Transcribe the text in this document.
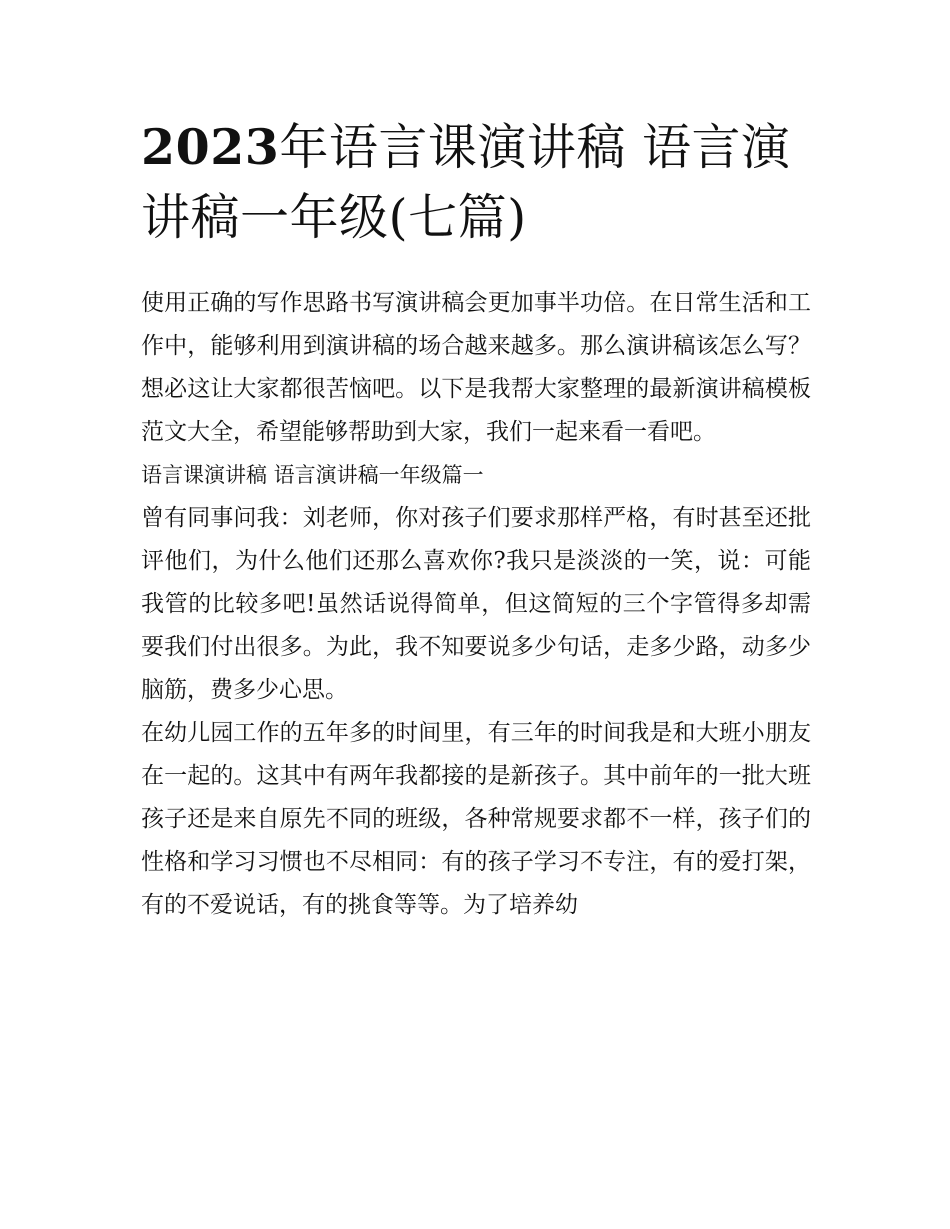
2023年语言课演讲稿 语言演讲稿一年级(七篇)

使用正确的写作思路书写演讲稿会更加事半功倍。在日常生活和工作中，能够利用到演讲稿的场合越来越多。那么演讲稿该怎么写？想必这让大家都很苦恼吧。以下是我帮大家整理的最新演讲稿模板范文大全，希望能够帮助到大家，我们一起来看一看吧。

语言课演讲稿 语言演讲稿一年级篇一

曾有同事问我：刘老师，你对孩子们要求那样严格，有时甚至还批评他们，为什么他们还那么喜欢你?我只是淡淡的一笑，说：可能我管的比较多吧!虽然话说得简单，但这简短的三个字管得多却需要我们付出很多。为此，我不知要说多少句话，走多少路，动多少脑筋，费多少心思。

在幼儿园工作的五年多的时间里，有三年的时间我是和大班小朋友在一起的。这其中有两年我都接的是新孩子。其中前年的一批大班孩子还是来自原先不同的班级，各种常规要求都不一样，孩子们的性格和学习习惯也不尽相同：有的孩子学习不专注，有的爱打架，有的不爱说话，有的挑食等等。为了培养幼
